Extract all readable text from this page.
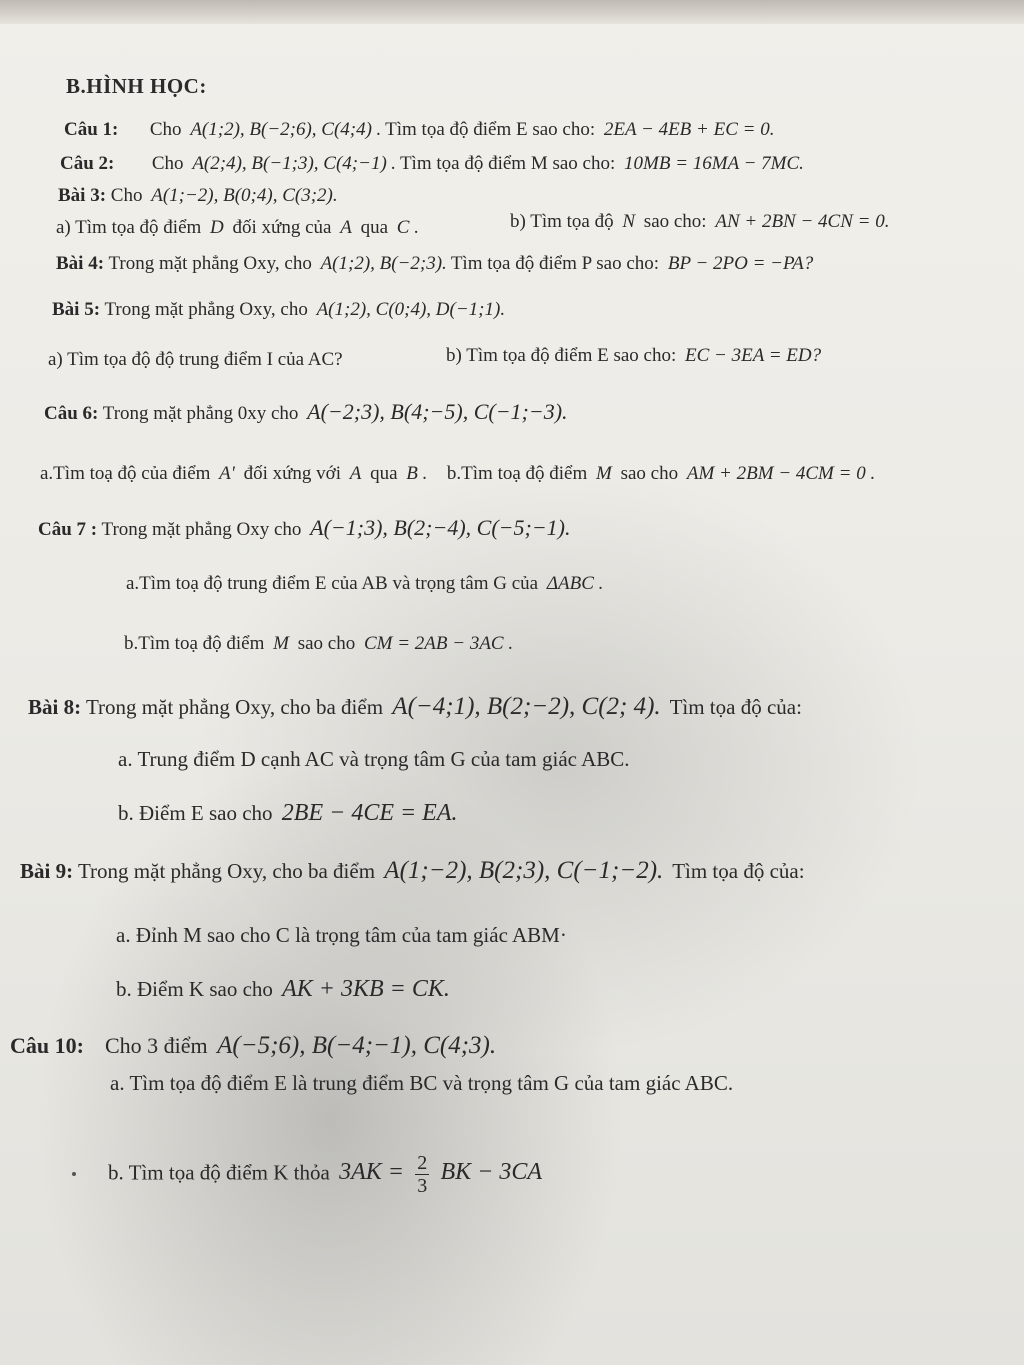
B.HÌNH HỌC:
Câu 1: Cho A(1;2), B(−2;6), C(4;4) . Tìm tọa độ điểm E sao cho: 2EA − 4EB + EC = 0.
Câu 2: Cho A(2;4), B(−1;3), C(4;−1) . Tìm tọa độ điểm M sao cho: 10MB = 16MA − 7MC.
Bài 3: Cho A(1;−2), B(0;4), C(3;2).
a) Tìm tọa độ điểm D đối xứng của A qua C .	b) Tìm tọa độ N sao cho: AN + 2BN − 4CN = 0.
Bài 4: Trong mặt phẳng Oxy, cho A(1;2), B(−2;3). Tìm tọa độ điểm P sao cho: BP − 2PO = −PA?
Bài 5: Trong mặt phẳng Oxy, cho A(1;2), C(0;4), D(−1;1).
a) Tìm tọa độ độ trung điểm I của AC?	b) Tìm tọa độ điểm E sao cho: EC − 3EA = ED?
Câu 6: Trong mặt phẳng 0xy cho A(−2;3), B(4;−5), C(−1;−3).
a.Tìm toạ độ của điểm A' đối xứng với A qua B . b.Tìm toạ độ điểm M sao cho AM + 2BM − 4CM = 0 .
Câu 7 : Trong mặt phẳng Oxy cho A(−1;3), B(2;−4), C(−5;−1).
a.Tìm toạ độ trung điểm E của AB và trọng tâm G của ΔABC .
b.Tìm toạ độ điểm M sao cho CM = 2AB − 3AC .
Bài 8: Trong mặt phẳng Oxy, cho ba điểm A(−4;1), B(2;−2), C(2; 4). Tìm tọa độ của:
a. Trung điểm D cạnh AC và trọng tâm G của tam giác ABC.
b. Điểm E sao cho 2BE − 4CE = EA.
Bài 9: Trong mặt phẳng Oxy, cho ba điểm A(1;−2), B(2;3), C(−1;−2). Tìm tọa độ của:
a. Đỉnh M sao cho C là trọng tâm của tam giác ABM·
b. Điểm K sao cho AK + 3KB = CK.
Câu 10: Cho 3 điểm A(−5;6), B(−4;−1), C(4;3).
a. Tìm tọa độ điểm E là trung điểm BC và trọng tâm G của tam giác ABC.
b. Tìm tọa độ điểm K thỏa $3AK = \frac{2}{3}$ BK − 3CA
